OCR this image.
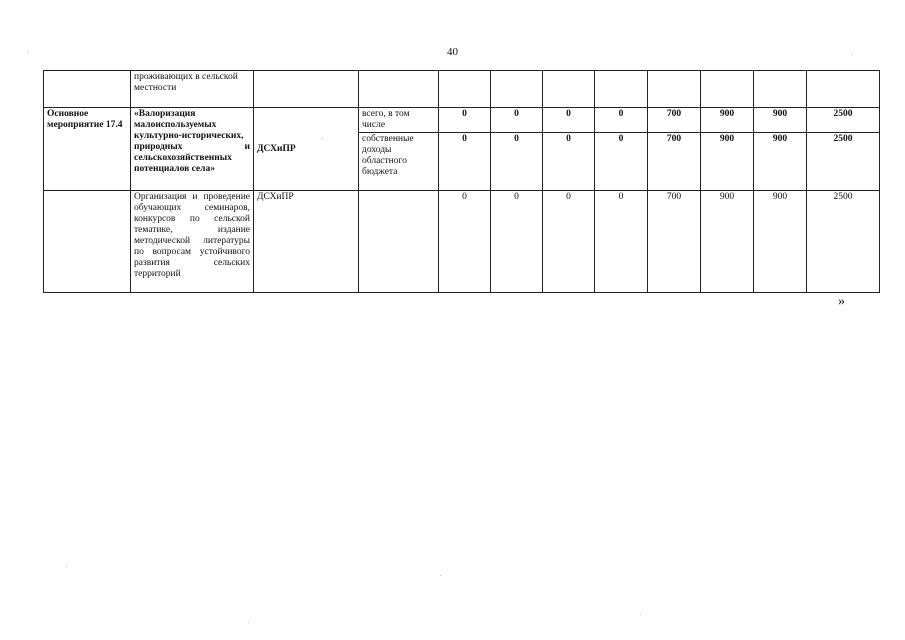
40
	проживающих в сельской местности										
Основное мероприятие 17.4	«Валоризация малоиспользуемых культурно-исторических, природных и сельскохозяйственных потенциалов села»	ДСХиПР	всего, в том числе	0	0	0	0	700	900	900	2500
			собственные доходы областного бюджета	0	0	0	0	700	900	900	2500
	Организация и проведение обучающих семинаров, конкурсов по сельской тематике, издание методической литературы по вопросам устойчивого развития сельских территорий	ДСХиПР		0	0	0	0	700	900	900	2500
»
